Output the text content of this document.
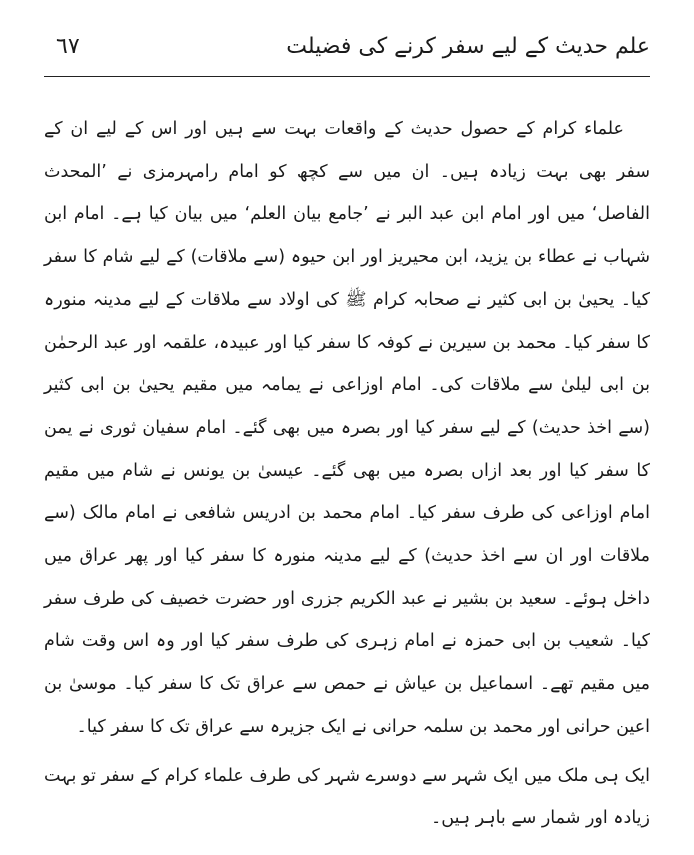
علم حدیث کے لیے سفر کرنے کی فضیلت
٦٧

علماء کرام کے حصول حدیث کے واقعات بہت سے ہیں اور اس کے لیے ان کے سفر بھی بہت زیادہ ہیں۔ ان میں سے کچھ کو امام رامہرمزی نے ’المحدث الفاصل‘ میں اور امام ابن عبد البر نے ’جامع بیان العلم‘ میں بیان کیا ہے۔ امام ابن شہاب نے عطاء بن یزید، ابن محیریز اور ابن حیوہ (سے ملاقات) کے لیے شام کا سفر کیا۔ یحییٰ بن ابی کثیر نے صحابہ کرام ﷺ کی اولاد سے ملاقات کے لیے مدینہ منورہ کا سفر کیا۔ محمد بن سیرین نے کوفہ کا سفر کیا اور عبیدہ، علقمہ اور عبد الرحمٰن بن ابی لیلیٰ سے ملاقات کی۔ امام اوزاعی نے یمامہ میں مقیم یحییٰ بن ابی کثیر (سے اخذ حدیث) کے لیے سفر کیا اور بصرہ میں بھی گئے۔ امام سفیان ثوری نے یمن کا سفر کیا اور بعد ازاں بصرہ میں بھی گئے۔ عیسیٰ بن یونس نے شام میں مقیم امام اوزاعی کی طرف سفر کیا۔ امام محمد بن ادریس شافعی نے امام مالک (سے ملاقات اور ان سے اخذ حدیث) کے لیے مدینہ منورہ کا سفر کیا اور پھر عراق میں داخل ہوئے۔ سعید بن بشیر نے عبد الکریم جزری اور حضرت خصیف کی طرف سفر کیا۔ شعیب بن ابی حمزہ نے امام زہری کی طرف سفر کیا اور وہ اس وقت شام میں مقیم تھے۔ اسماعیل بن عیاش نے حمص سے عراق تک کا سفر کیا۔ موسیٰ بن اعین حرانی اور محمد بن سلمہ حرانی نے ایک جزیرہ سے عراق تک کا سفر کیا۔

ایک ہی ملک میں ایک شہر سے دوسرے شہر کی طرف علماء کرام کے سفر تو بہت زیادہ اور شمار سے باہر ہیں۔
